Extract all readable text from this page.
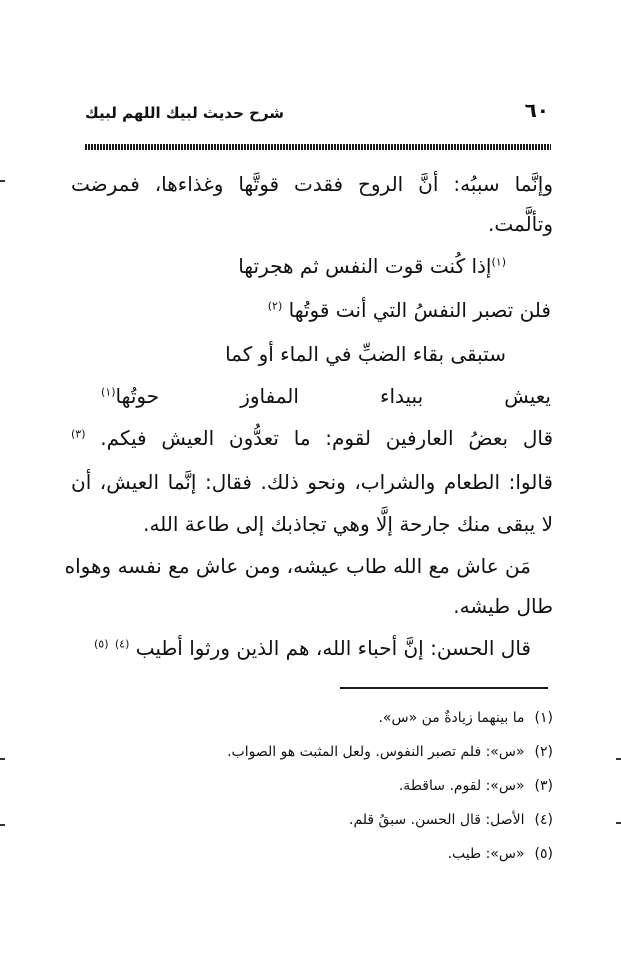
٦٠
شرح حديث لبيك اللهم لبيك
وإنَّما سببُه: أنَّ الروح فقدت قوتَّها وغذاءها، فمرضت
وتألَّمت.
$^{(١)}$إذا كُنت قوت النفس ثم هجرتها
فلن تصبر النفسُ التي أنت قوتُها $^{(٢)}$
ستبقى بقاء الضبِّ في الماء أو كما
يعيش ببيداء المفاوز حوتُها$^{(١)}$
قال بعضُ العارفين لقوم: ما تعدُّون العيش فيكم. $^{(٣)}$
قالوا: الطعام والشراب، ونحو ذلك. فقال: إنَّما العيش، أن
لا يبقى منك جارحة إلَّا وهي تجاذبك إلى طاعة الله.
مَن عاش مع الله طاب عيشه، ومن عاش مع نفسه وهواه
طال طيشه.
قال الحسن: إنَّ أحباء الله، هم الذين ورثوا أطيب $^{(٤)}$ $^{(٥)}$
(١)ما بينهما زيادةٌ من «س».
(٢)«س»: فلم تصبر النفوس. ولعل المثبت هو الصواب.
(٣)«س»: لقوم. ساقطة.
(٤)الأصل: قال الحسن. سبقُ قلم.
(٥)«س»: طيب.
